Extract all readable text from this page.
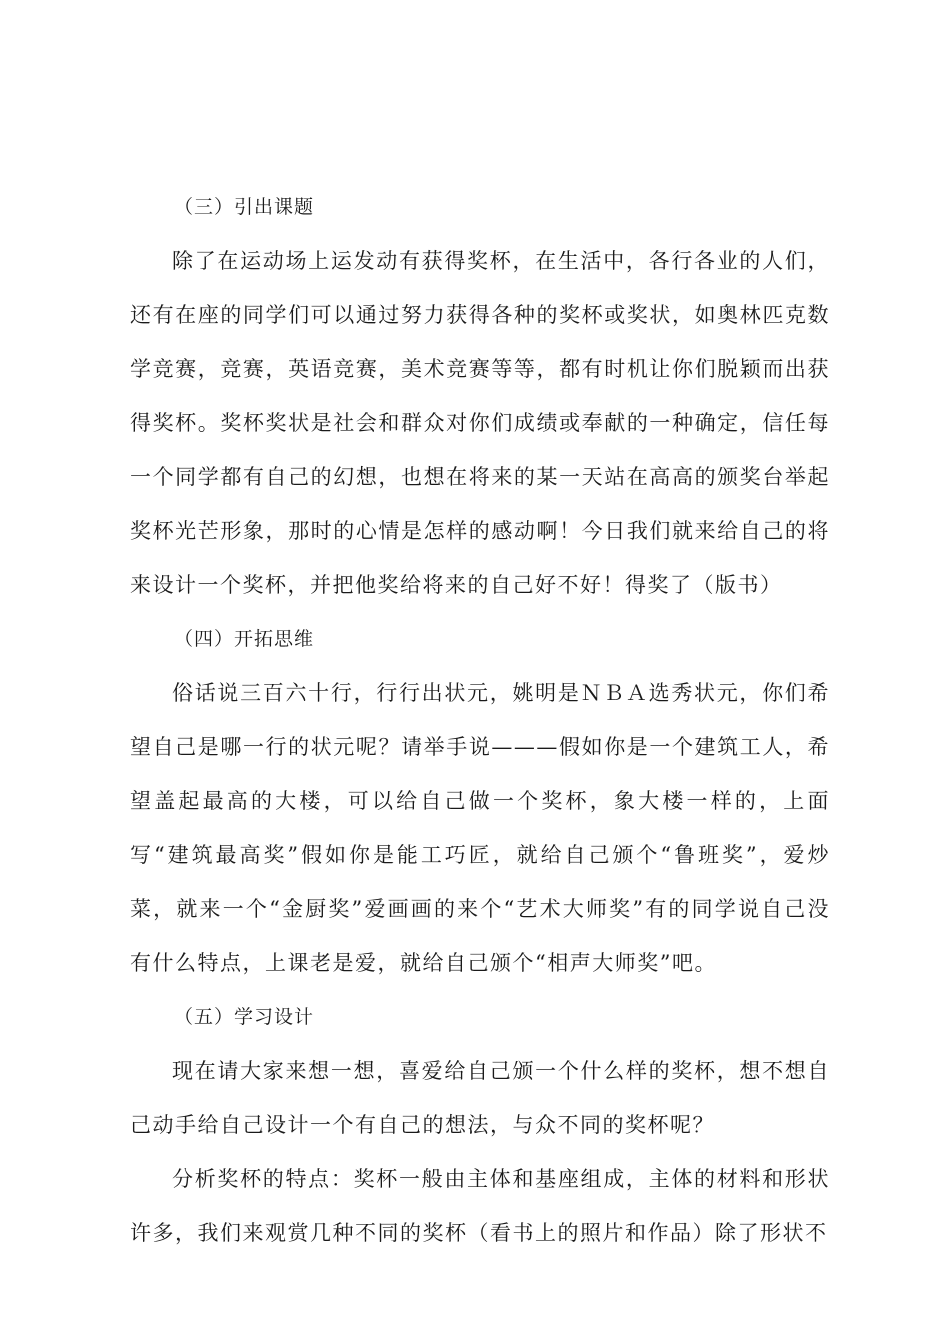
（三）引出课题

除了在运动场上运发动有获得奖杯，在生活中，各行各业的人们，还有在座的同学们可以通过努力获得各种的奖杯或奖状，如奥林匹克数学竞赛，竞赛，英语竞赛，美术竞赛等等，都有时机让你们脱颖而出获得奖杯。奖杯奖状是社会和群众对你们成绩或奉献的一种确定，信任每一个同学都有自己的幻想，也想在将来的某一天站在高高的颁奖台举起奖杯光芒形象，那时的心情是怎样的感动啊！今日我们就来给自己的将来设计一个奖杯，并把他奖给将来的自己好不好！得奖了（版书）

（四）开拓思维

俗话说三百六十行，行行出状元，姚明是ＮＢＡ选秀状元，你们希望自己是哪一行的状元呢？请举手说———假如你是一个建筑工人，希望盖起最高的大楼，可以给自己做一个奖杯，象大楼一样的，上面写“建筑最高奖”假如你是能工巧匠，就给自己颁个“鲁班奖”，爱炒菜，就来一个“金厨奖”爱画画的来个“艺术大师奖”有的同学说自己没有什么特点，上课老是爱，就给自己颁个“相声大师奖”吧。

（五）学习设计

现在请大家来想一想，喜爱给自己颁一个什么样的奖杯，想不想自己动手给自己设计一个有自己的想法，与众不同的奖杯呢？

分析奖杯的特点：奖杯一般由主体和基座组成，主体的材料和形状许多，我们来观赏几种不同的奖杯（看书上的照片和作品）除了形状不
